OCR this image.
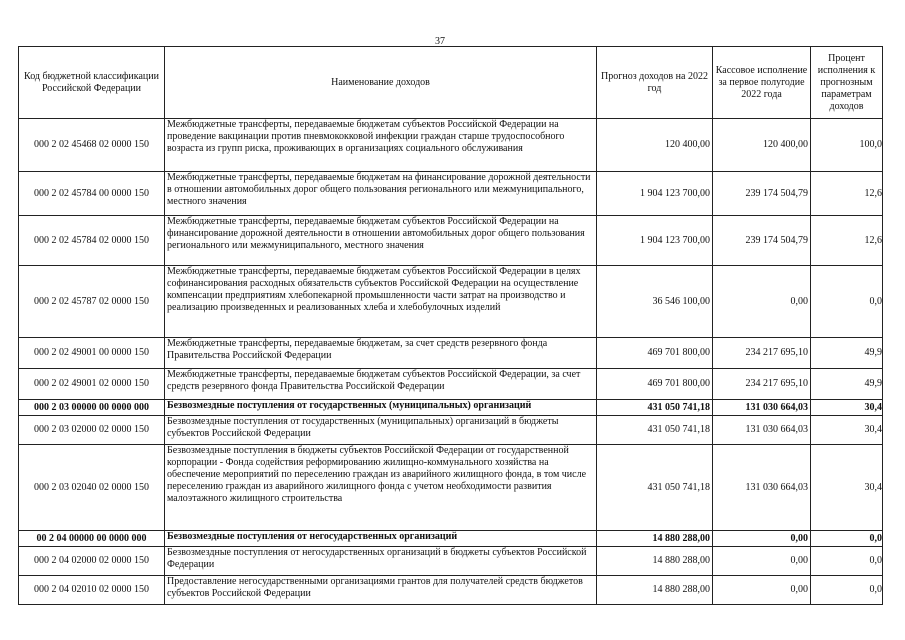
37
Код бюджетной классификации Российской Федерации	Наименование доходов	Прогноз доходов на 2022 год	Кассовое исполнение за первое полугодие 2022 года	Процент исполнения к прогнозным параметрам доходов
000 2 02 45468 02 0000 150	Межбюджетные трансферты, передаваемые бюджетам субъектов Российской Федерации на проведение вакцинации против пневмококковой инфекции граждан старше трудоспособного возраста из групп риска, проживающих в организациях социального обслуживания	120 400,00	120 400,00	100,0
000 2 02 45784 00 0000 150	Межбюджетные трансферты, передаваемые бюджетам на финансирование дорожной деятельности в отношении автомобильных дорог общего пользования регионального или межмуниципального, местного значения	1 904 123 700,00	239 174 504,79	12,6
000 2 02 45784 02 0000 150	Межбюджетные трансферты, передаваемые бюджетам субъектов Российской Федерации на финансирование дорожной деятельности в отношении автомобильных дорог общего пользования регионального или межмуниципального, местного значения	1 904 123 700,00	239 174 504,79	12,6
000 2 02 45787 02 0000 150	Межбюджетные трансферты, передаваемые бюджетам субъектов Российской Федерации в целях софинансирования расходных обязательств субъектов Российской Федерации на осуществление компенсации предприятиям хлебопекарной промышленности части затрат на производство и реализацию произведенных и реализованных хлеба и хлебобулочных изделий	36 546 100,00	0,00	0,0
000 2 02 49001 00 0000 150	Межбюджетные трансферты, передаваемые бюджетам, за счет средств резервного фонда Правительства Российской Федерации	469 701 800,00	234 217 695,10	49,9
000 2 02 49001 02 0000 150	Межбюджетные трансферты, передаваемые бюджетам субъектов Российской Федерации, за счет средств резервного фонда Правительства Российской Федерации	469 701 800,00	234 217 695,10	49,9
000 2 03 00000 00 0000 000	Безвозмездные поступления от государственных (муниципальных) организаций	431 050 741,18	131 030 664,03	30,4
000 2 03 02000 02 0000 150	Безвозмездные поступления от государственных (муниципальных) организаций в бюджеты субъектов Российской Федерации	431 050 741,18	131 030 664,03	30,4
000 2 03 02040 02 0000 150	Безвозмездные поступления в бюджеты субъектов Российской Федерации от государственной корпорации - Фонда содействия реформированию жилищно-коммунального хозяйства на обеспечение мероприятий по переселению граждан из аварийного жилищного фонда, в том числе переселению граждан из аварийного жилищного фонда с учетом необходимости развития малоэтажного жилищного строительства	431 050 741,18	131 030 664,03	30,4
00 2 04 00000 00 0000 000	Безвозмездные поступления от негосударственных организаций	14 880 288,00	0,00	0,0
000 2 04 02000 02 0000 150	Безвозмездные поступления от негосударственных организаций в бюджеты субъектов Российской Федерации	14 880 288,00	0,00	0,0
000 2 04 02010 02 0000 150	Предоставление негосударственными организациями грантов для получателей средств бюджетов субъектов Российской Федерации	14 880 288,00	0,00	0,0
